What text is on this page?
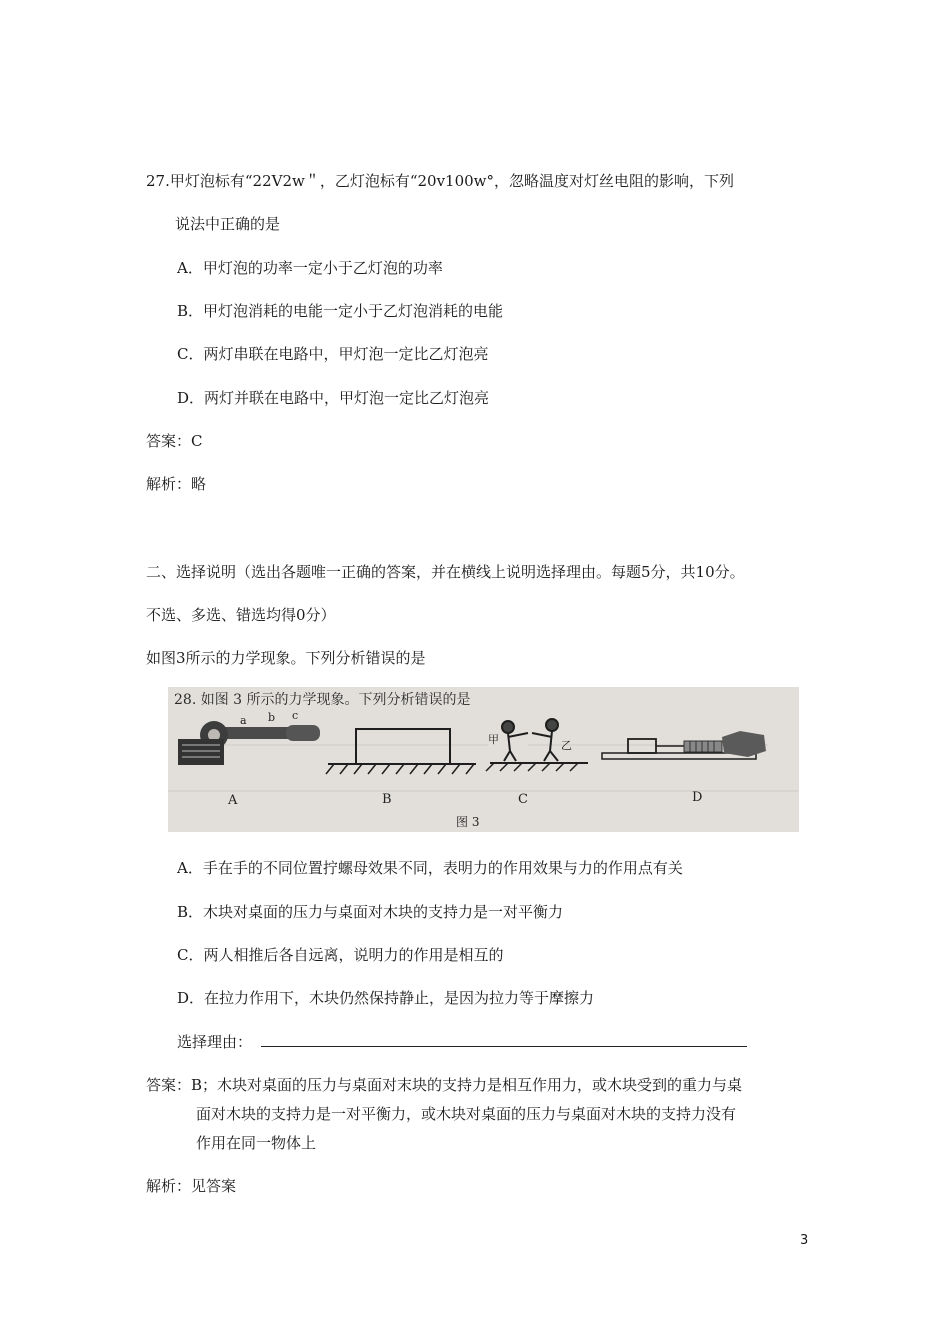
27.甲灯泡标有“22V2w＂，乙灯泡标有“20v100w°，忽略温度对灯丝电阻的影响，下列
说法中正确的是
A．甲灯泡的功率一定小于乙灯泡的功率
B．甲灯泡消耗的电能一定小于乙灯泡消耗的电能
C．两灯串联在电路中，甲灯泡一定比乙灯泡亮
D．两灯并联在电路中，甲灯泡一定比乙灯泡亮
答案：C
解析：略
二、选择说明（选出各题唯一正确的答案，并在横线上说明选择理由。每题5分，共10分。
不选、多选、错选均得0分）
如图3所示的力学现象。下列分析错误的是
28. 如图 3 所示的力学现象。下列分析错误的是
a b c
甲	乙
A	B	C	D
图 3
A．手在手的不同位置拧螺母效果不同，表明力的作用效果与力的作用点有关
B．木块对桌面的压力与桌面对木块的支持力是一对平衡力
C．两人相推后各自远离，说明力的作用是相互的
D．在拉力作用下，木块仍然保持静止，是因为拉力等于摩擦力
选择理由：
答案：B；木块对桌面的压力与桌面对末块的支持力是相互作用力，或木块受到的重力与桌
面对木块的支持力是一对平衡力，或木块对桌面的压力与桌面对木块的支持力没有
作用在同一物体上
解析：见答案
3
